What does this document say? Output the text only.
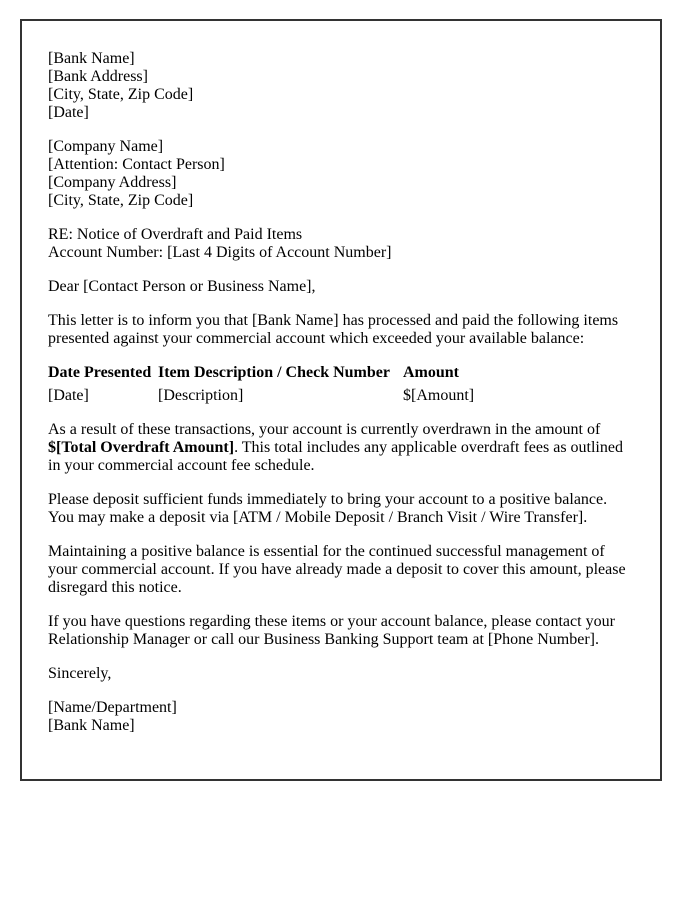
[Bank Name]
[Bank Address]
[City, State, Zip Code]
[Date]
[Company Name]
[Attention: Contact Person]
[Company Address]
[City, State, Zip Code]
RE: Notice of Overdraft and Paid Items
Account Number: [Last 4 Digits of Account Number]
Dear [Contact Person or Business Name],
This letter is to inform you that [Bank Name] has processed and paid the following items presented against your commercial account which exceeded your available balance:
Date Presented	Item Description / Check Number	Amount
[Date]	[Description]	$[Amount]
As a result of these transactions, your account is currently overdrawn in the amount of $[Total Overdraft Amount]. This total includes any applicable overdraft fees as outlined in your commercial account fee schedule.
Please deposit sufficient funds immediately to bring your account to a positive balance. You may make a deposit via [ATM / Mobile Deposit / Branch Visit / Wire Transfer].
Maintaining a positive balance is essential for the continued successful management of your commercial account. If you have already made a deposit to cover this amount, please disregard this notice.
If you have questions regarding these items or your account balance, please contact your Relationship Manager or call our Business Banking Support team at [Phone Number].
Sincerely,
[Name/Department]
[Bank Name]
